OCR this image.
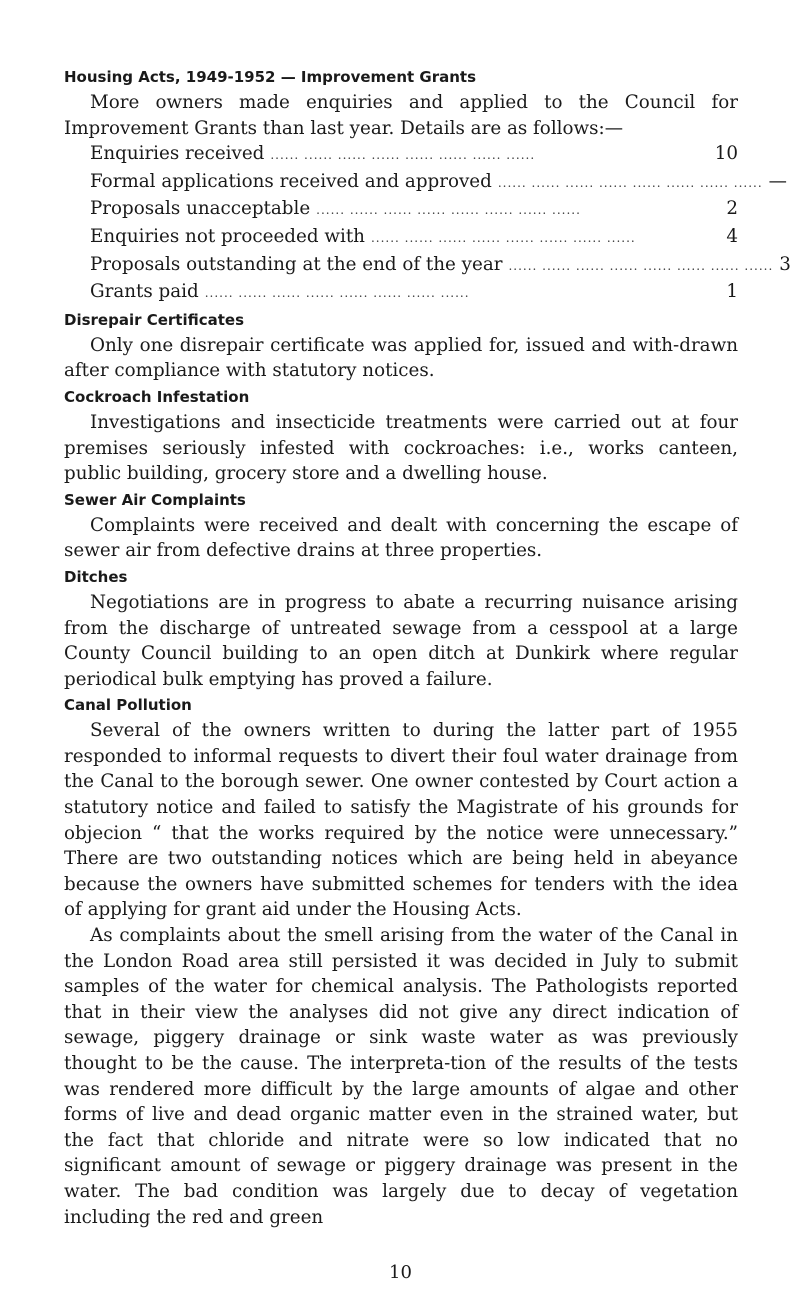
Housing Acts, 1949-1952 — Improvement Grants

More owners made enquiries and applied to the Council for Improvement Grants than last year. Details are as follows:—

Enquiries received ...... ...... ...... ...... ...... ...... ...... ......	10
Formal applications received and approved ...... ...... ...... ...... ...... ...... ...... ...... —
Proposals unacceptable ...... ...... ...... ...... ...... ...... ...... ......	2
Enquiries not proceeded with ...... ...... ...... ...... ...... ...... ...... ......	4
Proposals outstanding at the end of the year ...... ...... ...... ...... ...... ...... ...... ...... 3
Grants paid ...... ...... ...... ...... ...... ...... ...... ......	1
Disrepair Certificates

Only one disrepair certificate was applied for, issued and with-drawn after compliance with statutory notices.

Cockroach Infestation

Investigations and insecticide treatments were carried out at four premises seriously infested with cockroaches: i.e., works canteen, public building, grocery store and a dwelling house.

Sewer Air Complaints

Complaints were received and dealt with concerning the escape of sewer air from defective drains at three properties.

Ditches

Negotiations are in progress to abate a recurring nuisance arising from the discharge of untreated sewage from a cesspool at a large County Council building to an open ditch at Dunkirk where regular periodical bulk emptying has proved a failure.

Canal Pollution

Several of the owners written to during the latter part of 1955 responded to informal requests to divert their foul water drainage from the Canal to the borough sewer. One owner contested by Court action a statutory notice and failed to satisfy the Magistrate of his grounds for objecion “ that the works required by the notice were unnecessary.” There are two outstanding notices which are being held in abeyance because the owners have submitted schemes for tenders with the idea of applying for grant aid under the Housing Acts.

As complaints about the smell arising from the water of the Canal in the London Road area still persisted it was decided in July to submit samples of the water for chemical analysis. The Pathologists reported that in their view the analyses did not give any direct indication of sewage, piggery drainage or sink waste water as was previously thought to be the cause. The interpreta-tion of the results of the tests was rendered more difficult by the large amounts of algae and other forms of live and dead organic matter even in the strained water, but the fact that chloride and nitrate were so low indicated that no significant amount of sewage or piggery drainage was present in the water. The bad condition was largely due to decay of vegetation including the red and green

10
